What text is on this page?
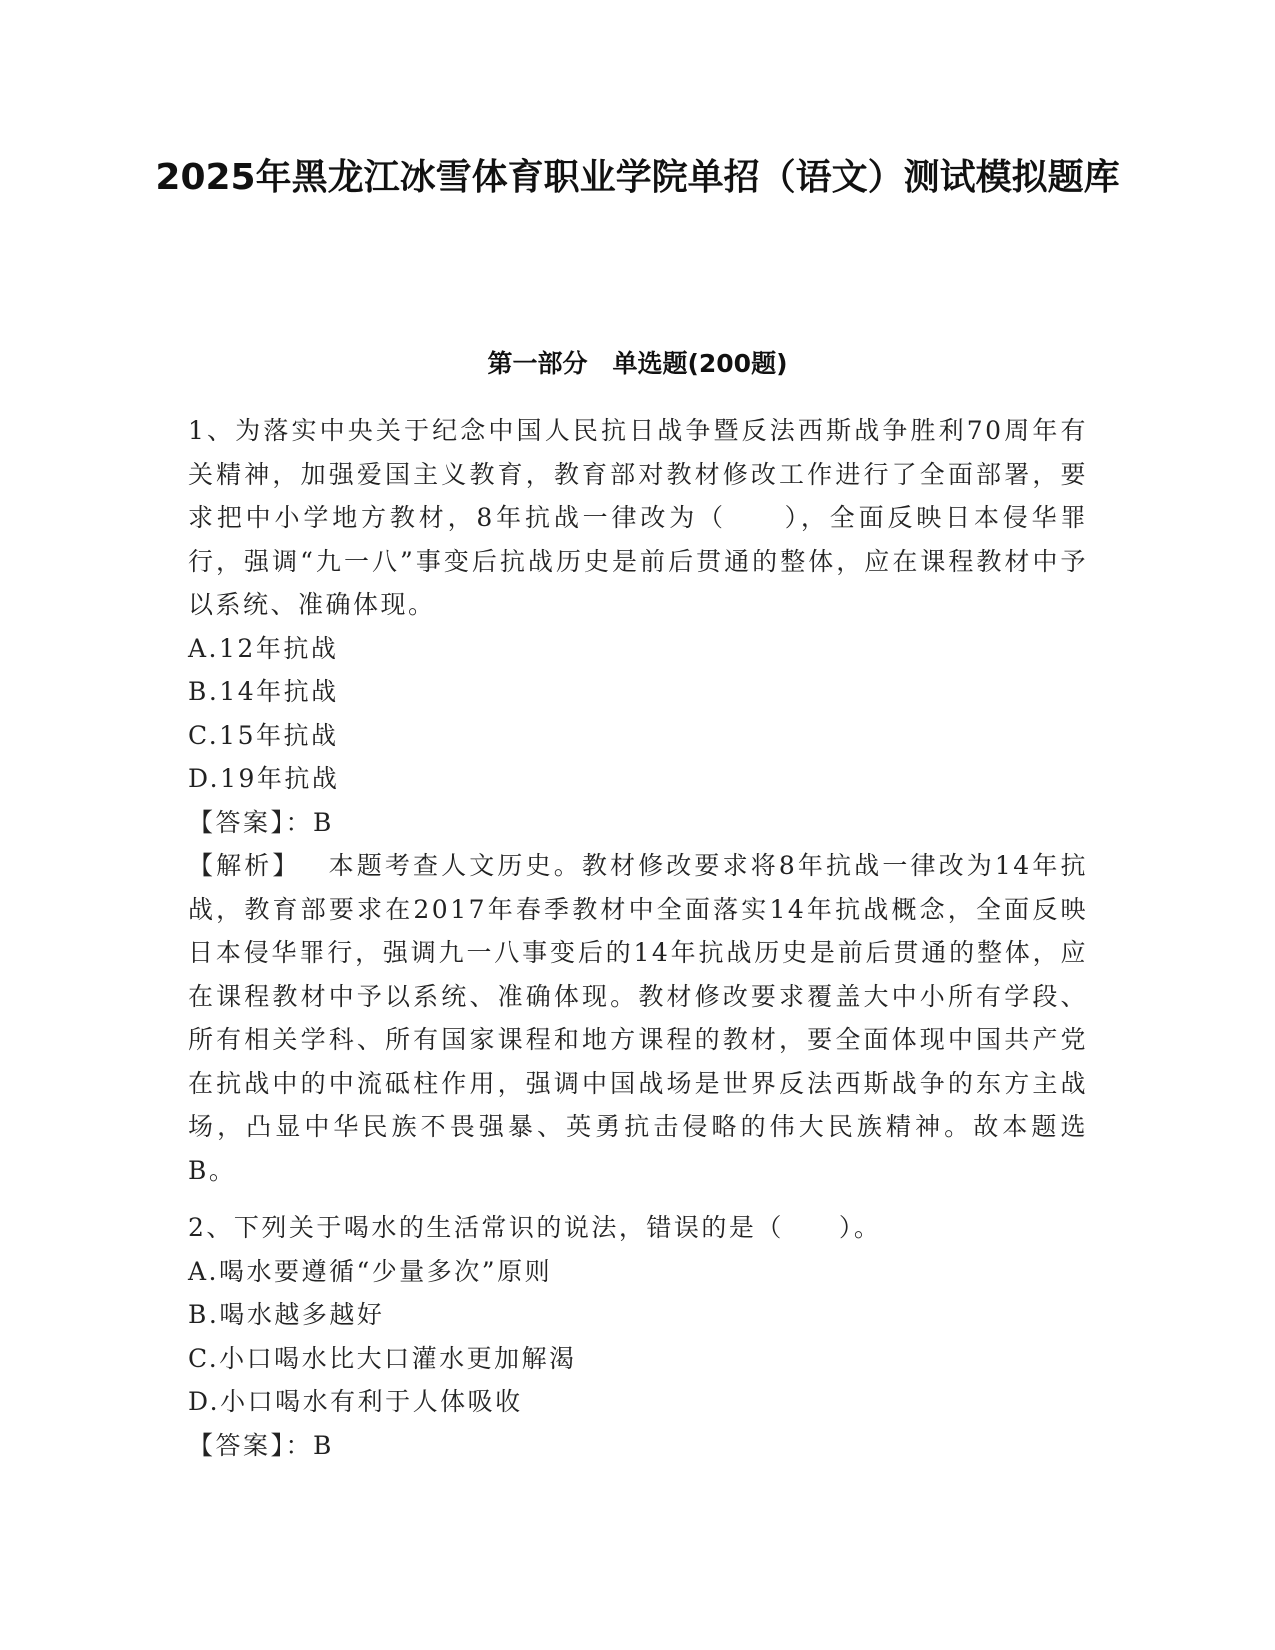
2025年黑龙江冰雪体育职业学院单招（语文）测试模拟题库
第一部分　单选题(200题)

1、为落实中央关于纪念中国人民抗日战争暨反法西斯战争胜利70周年有关精神，加强爱国主义教育，教育部对教材修改工作进行了全面部署，要求把中小学地方教材，8年抗战一律改为（　　），全面反映日本侵华罪行，强调“九一八”事变后抗战历史是前后贯通的整体，应在课程教材中予以系统、准确体现。

A.12年抗战

B.14年抗战

C.15年抗战

D.19年抗战

【答案】：B

【解析】 本题考查人文历史。教材修改要求将8年抗战一律改为14年抗战，教育部要求在2017年春季教材中全面落实14年抗战概念，全面反映日本侵华罪行，强调九一八事变后的14年抗战历史是前后贯通的整体，应在课程教材中予以系统、准确体现。教材修改要求覆盖大中小所有学段、所有相关学科、所有国家课程和地方课程的教材，要全面体现中国共产党在抗战中的中流砥柱作用，强调中国战场是世界反法西斯战争的东方主战场，凸显中华民族不畏强暴、英勇抗击侵略的伟大民族精神。故本题选B。

2、下列关于喝水的生活常识的说法，错误的是（　　）。

A.喝水要遵循“少量多次”原则

B.喝水越多越好

C.小口喝水比大口灌水更加解渴

D.小口喝水有利于人体吸收

【答案】：B
